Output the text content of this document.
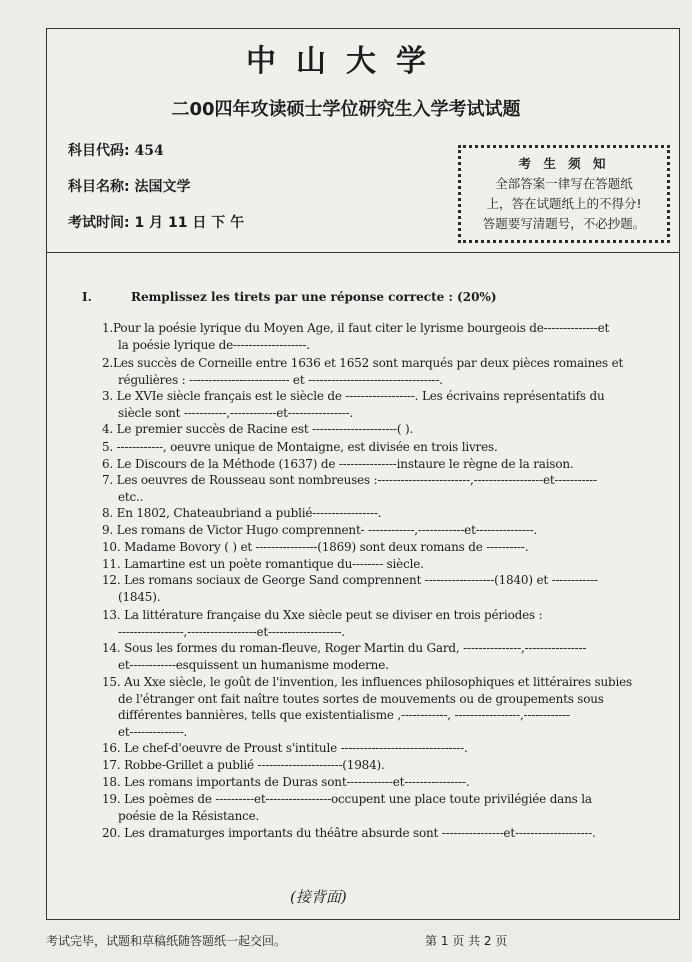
中山大学
二00四年攻读硕士学位研究生入学考试试题
科目代码: 454
科目名称: 法国文学
考试时间: 1 月 11 日 下 午
考 生 须 知
全部答案一律写在答题纸
上，答在试题纸上的不得分!
答题要写清题号，不必抄题。
I.	Remplissez les tirets par une réponse correcte : (20%)
1.Pour la poésie lyrique du Moyen Age, il faut citer le lyrisme bourgeois de--------------et
la poésie lyrique de-------------------.
2.Les succès de Corneille entre 1636 et 1652 sont marqués par deux pièces romaines et
régulières : -------------------------- et ----------------------------------.
3. Le XVIe siècle français est le siècle de ------------------. Les écrivains représentatifs du
siècle sont -----------,------------et----------------.
4. Le premier succès de Racine est ----------------------( ).
5. ------------, oeuvre unique de Montaigne, est divisée en trois livres.
6. Le Discours de la Méthode (1637) de ---------------instaure le règne de la raison.
7. Les oeuvres de Rousseau sont nombreuses :------------------------,------------------et-----------
etc..
8. En 1802, Chateaubriand a publié-----------------.
9. Les romans de Victor Hugo comprennent- ------------,------------et---------------.
10. Madame Bovory ( ) et ----------------(1869) sont deux romans de ----------.
11. Lamartine est un poète romantique du-------- siècle.
12. Les romans sociaux de George Sand comprennent ------------------(1840) et ------------
(1845).
13. La littérature française du Xxe siècle peut se diviser en trois périodes :
-----------------,------------------et-------------------.
14. Sous les formes du roman-fleuve, Roger Martin du Gard, ---------------,----------------
et------------esquissent un humanisme moderne.
15. Au Xxe siècle, le goût de l'invention, les influences philosophiques et littéraires subies
de l'étranger ont fait naître toutes sortes de mouvements ou de groupements sous
différentes bannières, tells que existentialisme ,------------, -----------------,------------
et--------------.
16. Le chef-d'oeuvre de Proust s'intitule --------------------------------.
17. Robbe-Grillet a publié ----------------------(1984).
18. Les romans importants de Duras sont------------et----------------.
19. Les poèmes de ----------et-----------------occupent une place toute privilégiée dans la
poésie de la Résistance.
20. Les dramaturges importants du théâtre absurde sont ----------------et--------------------.
(接背面)
考试完毕，试题和草稿纸随答题纸一起交回。	第 1 页 共 2 页
